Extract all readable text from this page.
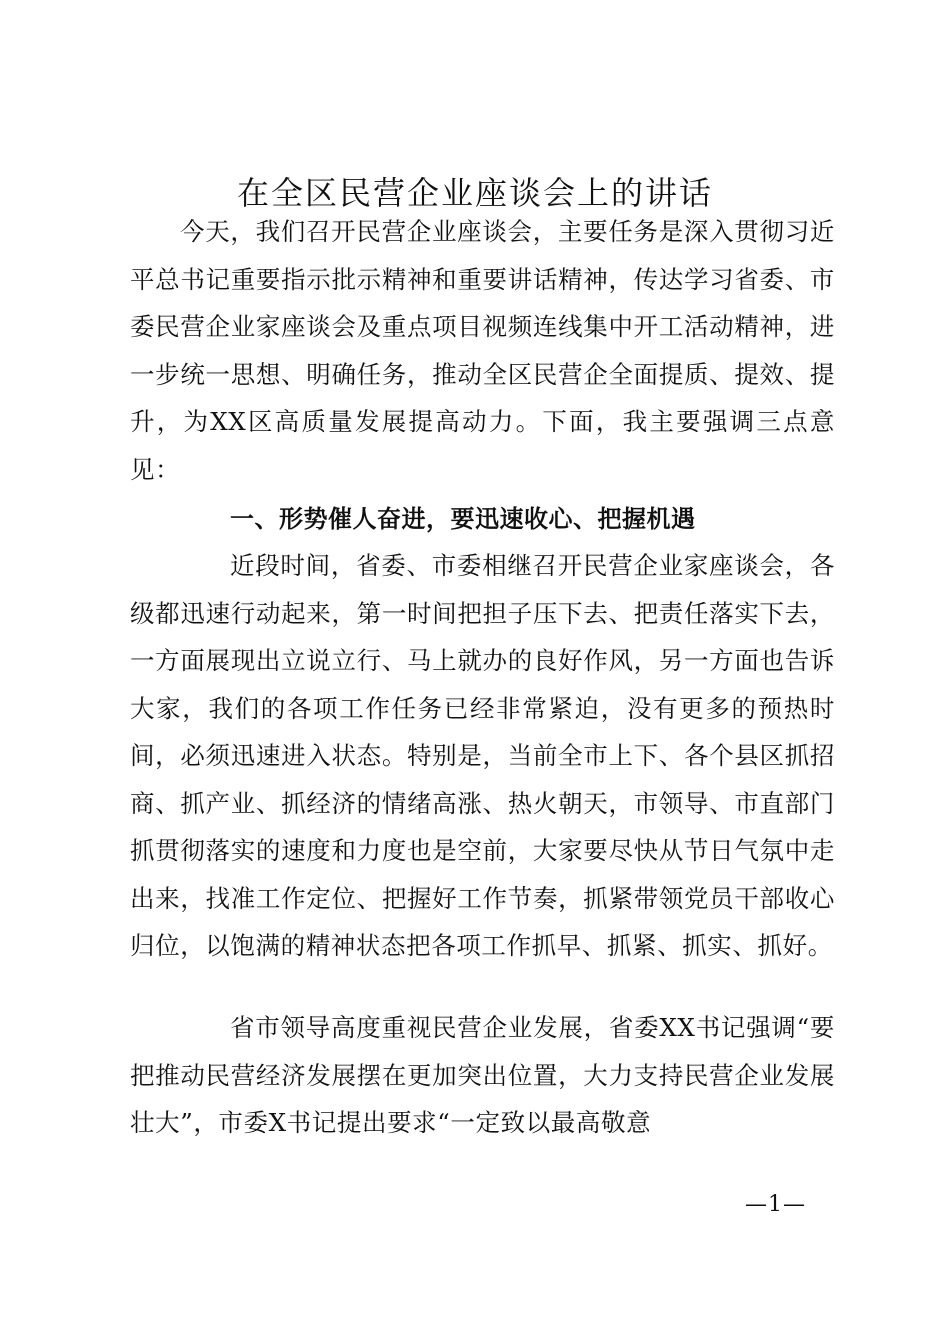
在全区民营企业座谈会上的讲话

今天，我们召开民营企业座谈会，主要任务是深入贯彻习近平总书记重要指示批示精神和重要讲话精神，传达学习省委、市委民营企业家座谈会及重点项目视频连线集中开工活动精神，进一步统一思想、明确任务，推动全区民营企全面提质、提效、提升，为XX区高质量发展提高动力。下面，我主要强调三点意见：

一、形势催人奋进，要迅速收心、把握机遇

近段时间，省委、市委相继召开民营企业家座谈会，各级都迅速行动起来，第一时间把担子压下去、把责任落实下去，一方面展现出立说立行、马上就办的良好作风，另一方面也告诉大家，我们的各项工作任务已经非常紧迫，没有更多的预热时间，必须迅速进入状态。特别是，当前全市上下、各个县区抓招商、抓产业、抓经济的情绪高涨、热火朝天，市领导、市直部门抓贯彻落实的速度和力度也是空前，大家要尽快从节日气氛中走出来，找准工作定位、把握好工作节奏，抓紧带领党员干部收心归位，以饱满的精神状态把各项工作抓早、抓紧、抓实、抓好。

省市领导高度重视民营企业发展，省委XX书记强调“要把推动民营经济发展摆在更加突出位置，大力支持民营企业发展壮大”，市委X书记提出要求“一定致以最高敬意

—1—
